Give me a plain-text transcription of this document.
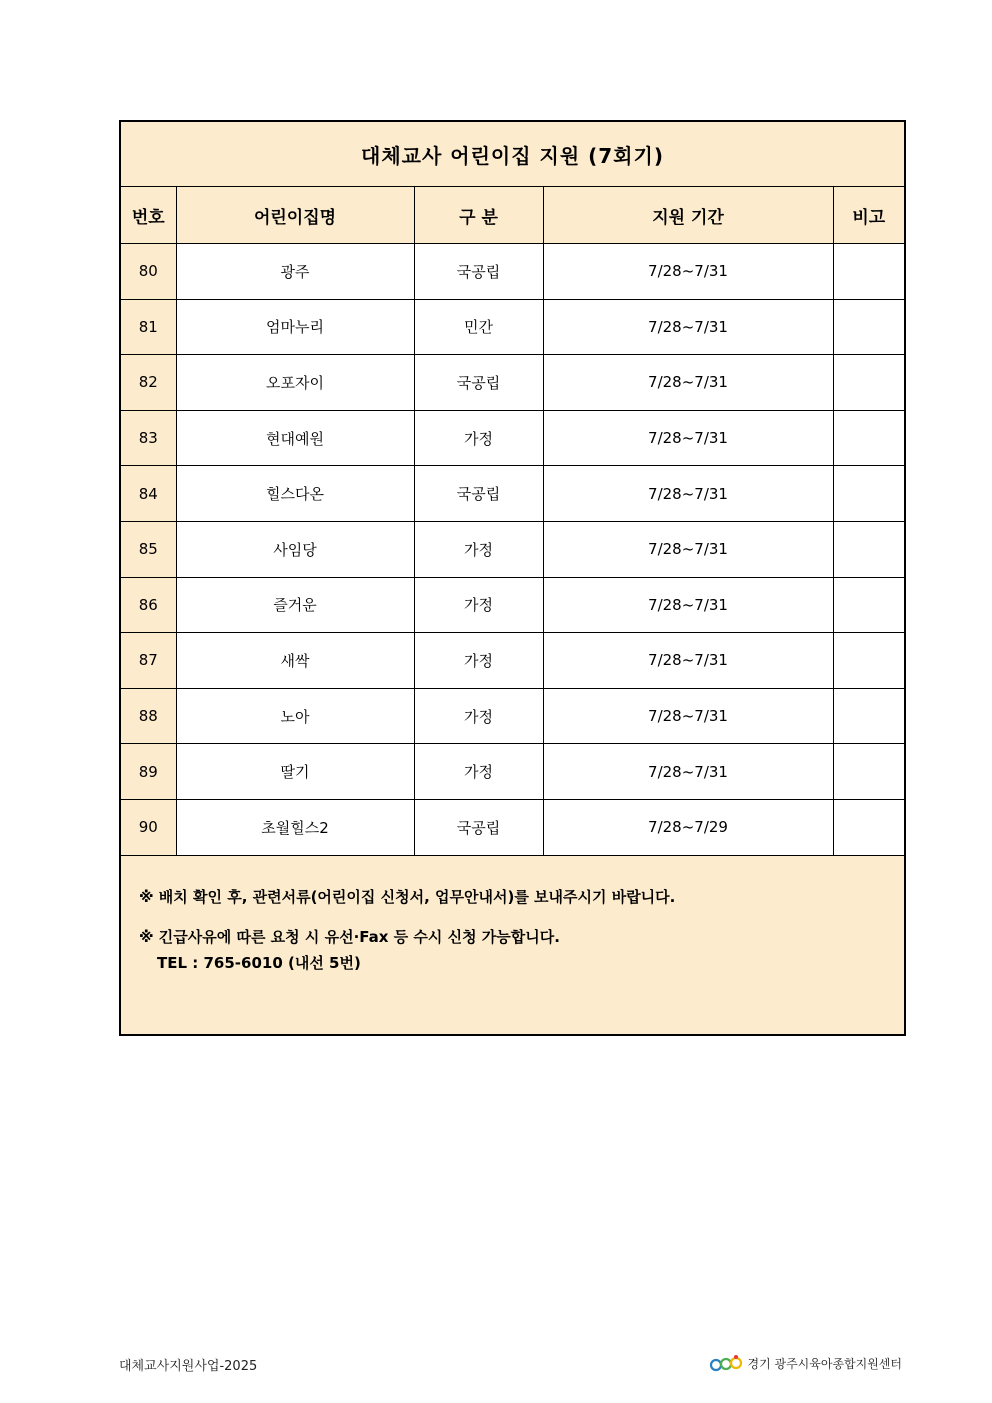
대체교사 어린이집 지원 (7회기)				
번호	어린이집명	구 분	지원 기간	비고
80	광주	국공립	7/28~7/31	
81	엄마누리	민간	7/28~7/31	
82	오포자이	국공립	7/28~7/31	
83	현대예원	가정	7/28~7/31	
84	힐스다온	국공립	7/28~7/31	
85	사임당	가정	7/28~7/31	
86	즐거운	가정	7/28~7/31	
87	새싹	가정	7/28~7/31	
88	노아	가정	7/28~7/31	
89	딸기	가정	7/28~7/31	
90	초월힐스2	국공립	7/28~7/29	

※ 배치 확인 후, 관련서류(어린이집 신청서, 업무안내서)를 보내주시기 바랍니다.
※ 긴급사유에 따른 요청 시 유선·Fax 등 수시 신청 가능합니다.
TEL : 765-6010 (내선 5번)				
대체교사지원사업-2025	경기 광주시육아종합지원센터
